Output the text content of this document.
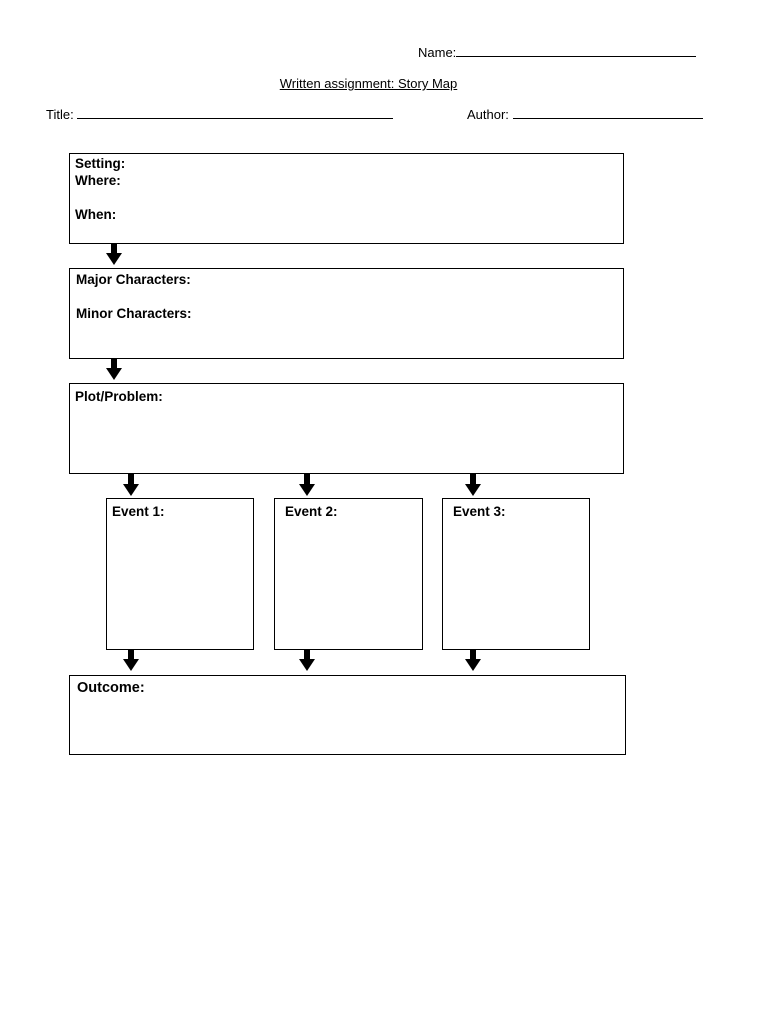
Name:
Written assignment: Story Map
Title:	Author:
Setting:
Where:
When:
Major Characters:
Minor Characters:
Plot/Problem:
Event 1:	Event 2:	Event 3:
Outcome:
